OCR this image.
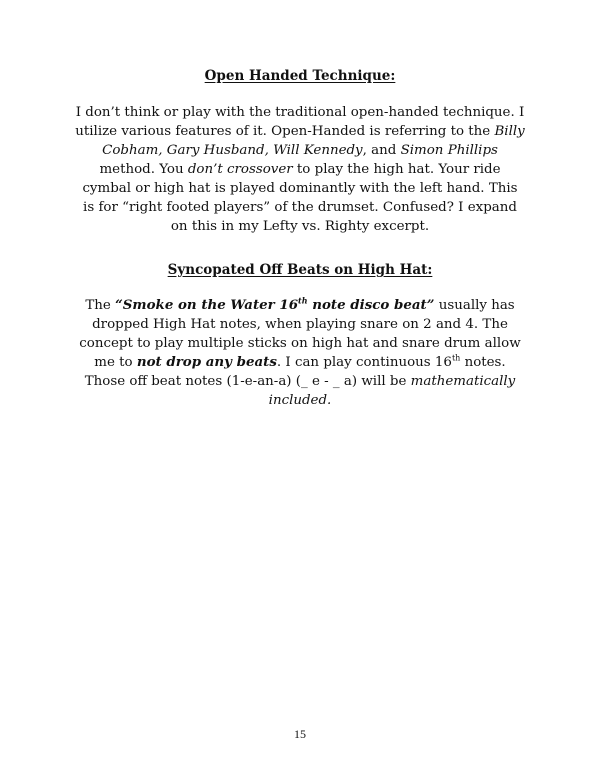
Open Handed Technique:
I don’t think or play with the traditional open-handed technique. I utilize various features of it. Open-Handed is referring to the Billy Cobham, Gary Husband, Will Kennedy, and Simon Phillips method. You don’t crossover to play the high hat. Your ride cymbal or high hat is played dominantly with the left hand. This is for “right footed players” of the drumset. Confused? I expand on this in my Lefty vs. Righty excerpt.
Syncopated Off Beats on High Hat:
The “Smoke on the Water 16th note disco beat” usually has dropped High Hat notes, when playing snare on 2 and 4. The concept to play multiple sticks on high hat and snare drum allow me to not drop any beats. I can play continuous 16th notes. Those off beat notes (1-e-an-a) (_ e - _ a) will be mathematically included.
15
